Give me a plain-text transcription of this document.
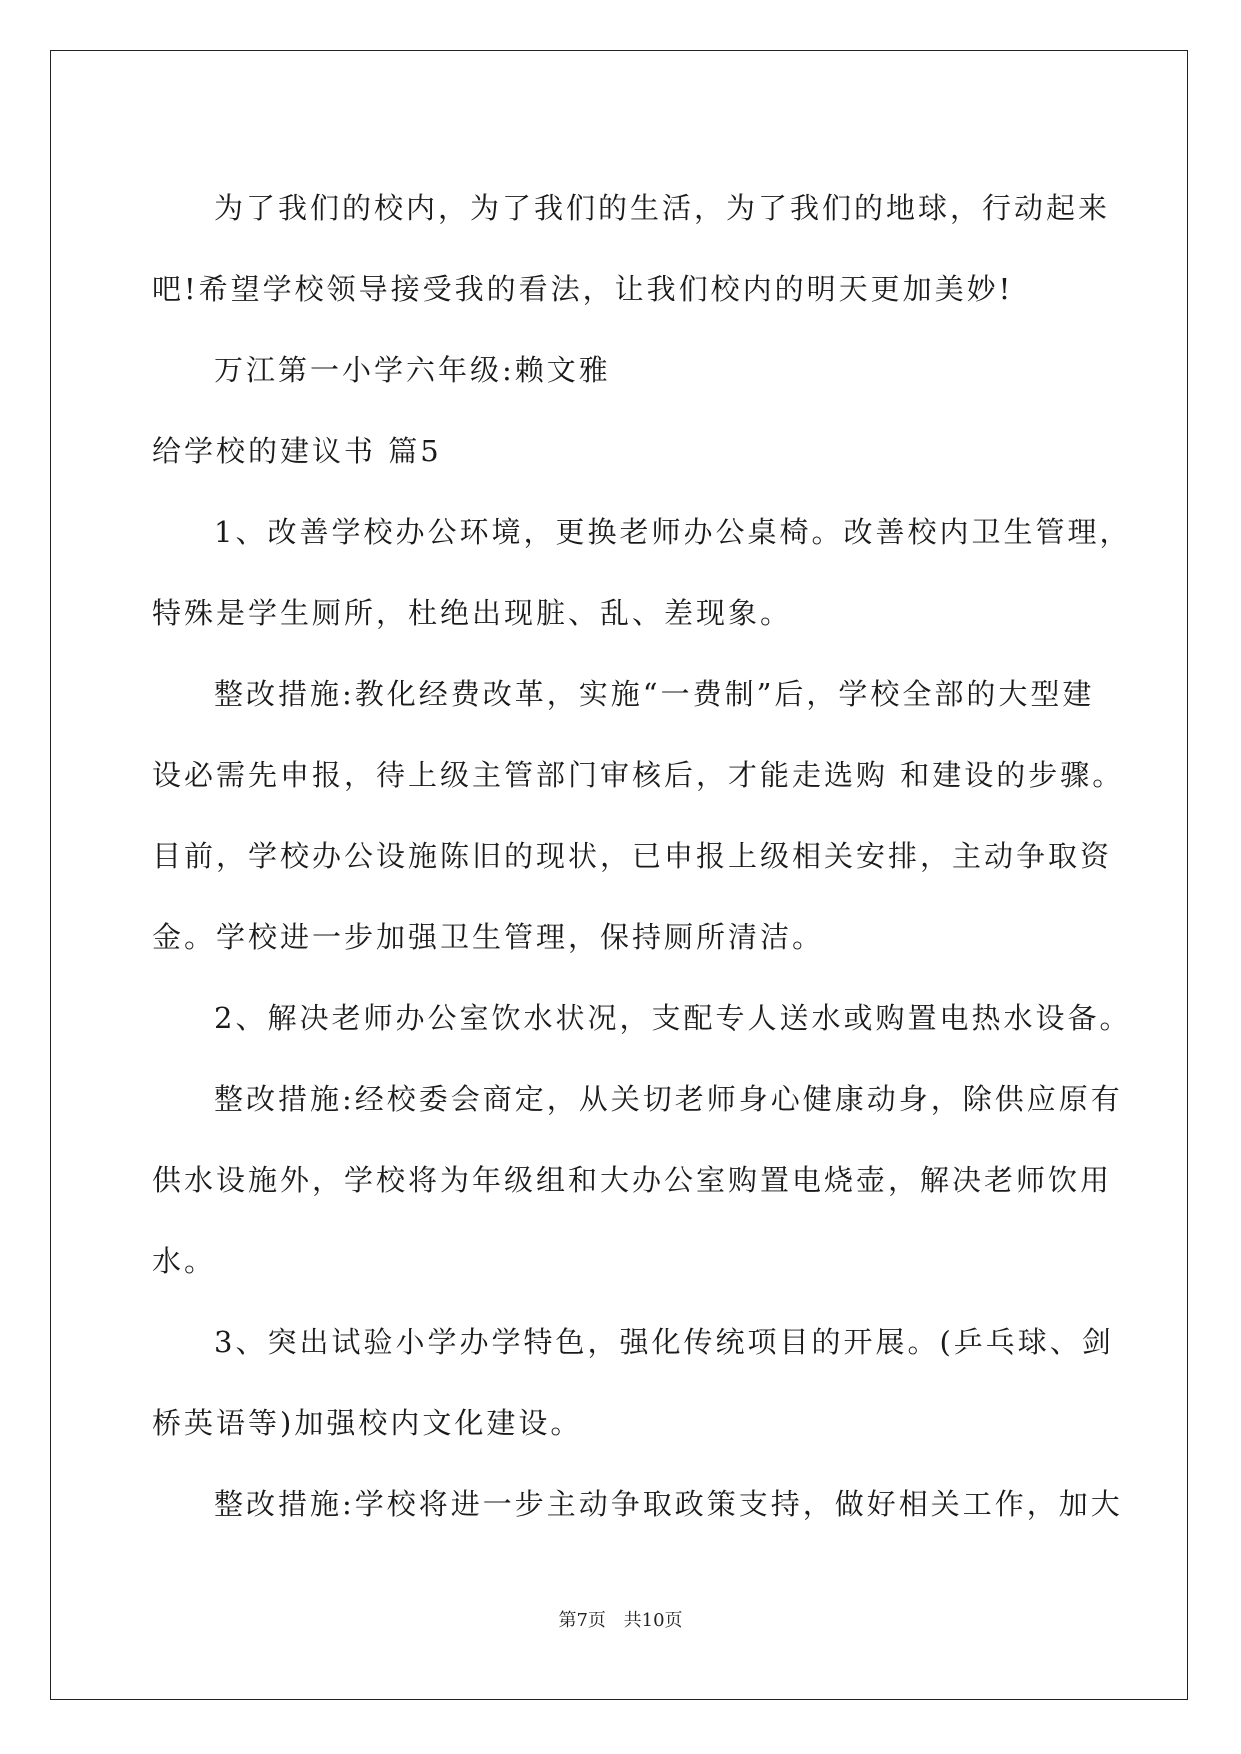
为了我们的校内，为了我们的生活，为了我们的地球，行动起来

吧!希望学校领导接受我的看法，让我们校内的明天更加美妙!

万江第一小学六年级:赖文雅

给学校的建议书 篇5

1、改善学校办公环境，更换老师办公桌椅。改善校内卫生管理，

特殊是学生厕所，杜绝出现脏、乱、差现象。

整改措施:教化经费改革，实施“一费制”后，学校全部的大型建

设必需先申报，待上级主管部门审核后，才能走选购 和建设的步骤。

目前，学校办公设施陈旧的现状，已申报上级相关安排，主动争取资

金。学校进一步加强卫生管理，保持厕所清洁。

2、解决老师办公室饮水状况，支配专人送水或购置电热水设备。

整改措施:经校委会商定，从关切老师身心健康动身，除供应原有

供水设施外，学校将为年级组和大办公室购置电烧壶，解决老师饮用

水。

3、突出试验小学办学特色，强化传统项目的开展。(乒乓球、剑

桥英语等)加强校内文化建设。

整改措施:学校将进一步主动争取政策支持，做好相关工作，加大

第7页 共10页
